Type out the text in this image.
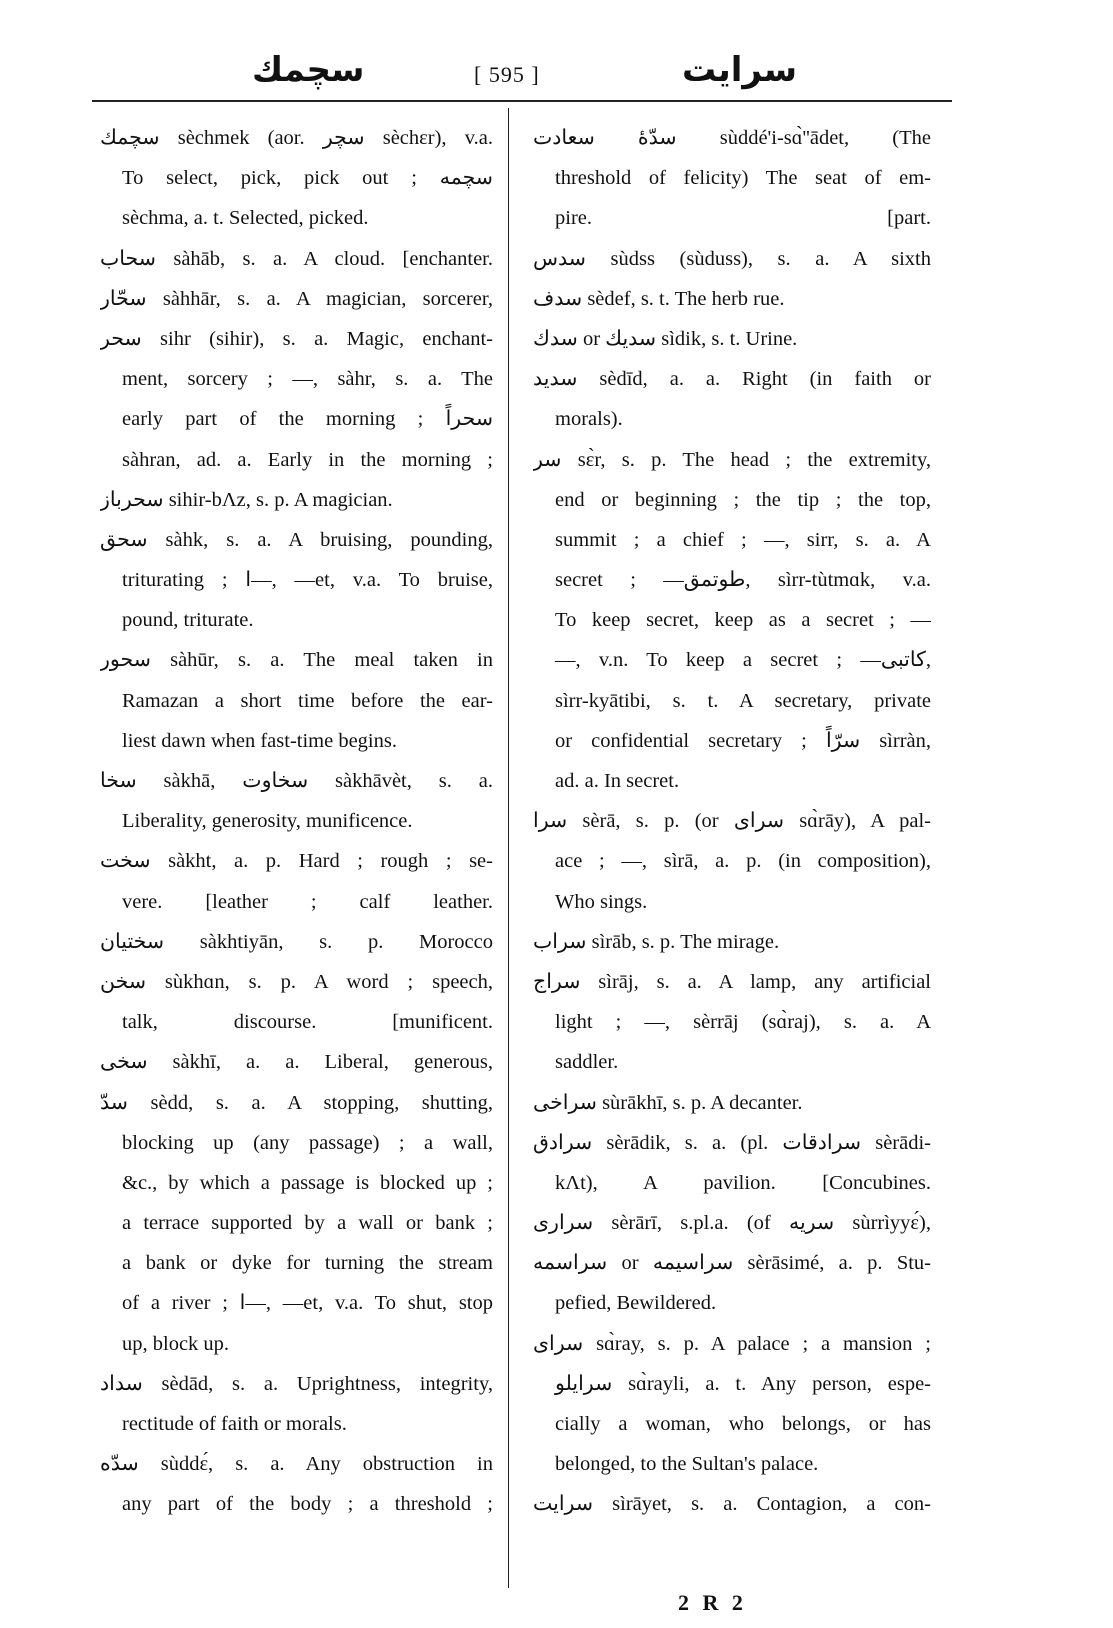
سچمك	[ 595 ]	سرايت
سچمك sèchmek (aor. سچر sèchɛr), v.a.
To select, pick, pick out ; سچمه
sèchma, a. t. Selected, picked.
سحاب sàhāb, s. a. A cloud. [enchanter.
سحّار sàhhār, s. a. A magician, sorcerer,
سحر sihr (sihir), s. a. Magic, enchant-
ment, sorcery ; —, sàhr, s. a. The
early part of the morning ; سحراً
sàhran, ad. a. Early in the morning ;
سحرباز sihir-bɅz, s. p. A magician.
سحق sàhk, s. a. A bruising, pounding,
triturating ; ا—, —et, v.a. To bruise,
pound, triturate.
سحور sàhūr, s. a. The meal taken in
Ramazan a short time before the ear-
liest dawn when fast-time begins.
سخا sàkhā, سخاوت sàkhāvèt, s. a.
Liberality, generosity, munificence.
سخت sàkht, a. p. Hard ; rough ; se-
vere. [leather ; calf leather.
سختیان sàkhtiyān, s. p. Morocco
سخن sùkhɑn, s. p. A word ; speech,
talk, discourse. [munificent.
سخی sàkhī, a. a. Liberal, generous,
سدّ sèdd, s. a. A stopping, shutting,
blocking up (any passage) ; a wall,
&c., by which a passage is blocked up ;
a terrace supported by a wall or bank ;
a bank or dyke for turning the stream
of a river ; ا—, —et, v.a. To shut, stop
up, block up.
سداد sèdād, s. a. Uprightness, integrity,
rectitude of faith or morals.
سدّه sùddɛ́, s. a. Any obstruction in
any part of the body ; a threshold ;
سدّهٔ سعادت sùddé'i-sɑ̀''ādet, (The
threshold of felicity) The seat of em-
pire. [part.
سدس sùdss (sùduss), s. a. A sixth
سدف sèdef, s. t. The herb rue.
سدك or سدیك sìdik, s. t. Urine.
سدید sèdīd, a. a. Right (in faith or
morals).
سر sɛ̀r, s. p. The head ; the extremity,
end or beginning ; the tip ; the top,
summit ; a chief ; —, sirr, s. a. A
secret ; —طوتمق, sìrr-tùtmɑk, v.a.
To keep secret, keep as a secret ; —
—, v.n. To keep a secret ; —كاتبی,
sìrr-kyātibi, s. t. A secretary, private
or confidential secretary ; سرّاً sìrràn,
ad. a. In secret.
سرا sèrā, s. p. (or سرای sɑ̀rāy), A pal-
ace ; —, sìrā, a. p. (in composition),
Who sings.
سراب sìrāb, s. p. The mirage.
سراج sìrāj, s. a. A lamp, any artificial
light ; —, sèrrāj (sɑ̀raj), s. a. A
saddler.
سراخی sùrākhī, s. p. A decanter.
سرادق sèrādik, s. a. (pl. سرادقات sèrādi-
kɅt), A pavilion. [Concubines.
سراری sèrārī, s.pl.a. (of سریه sùrrìyyɛ́),
سراسمه or سراسیمه sèrāsimé, a. p. Stu-
pefied, Bewildered.
سرای sɑ̀ray, s. p. A palace ; a mansion ;
سرایلو sɑ̀rayli, a. t. Any person, espe-
cially a woman, who belongs, or has
belonged, to the Sultan's palace.
سرایت sìrāyet, s. a. Contagion, a con-
2 R 2
